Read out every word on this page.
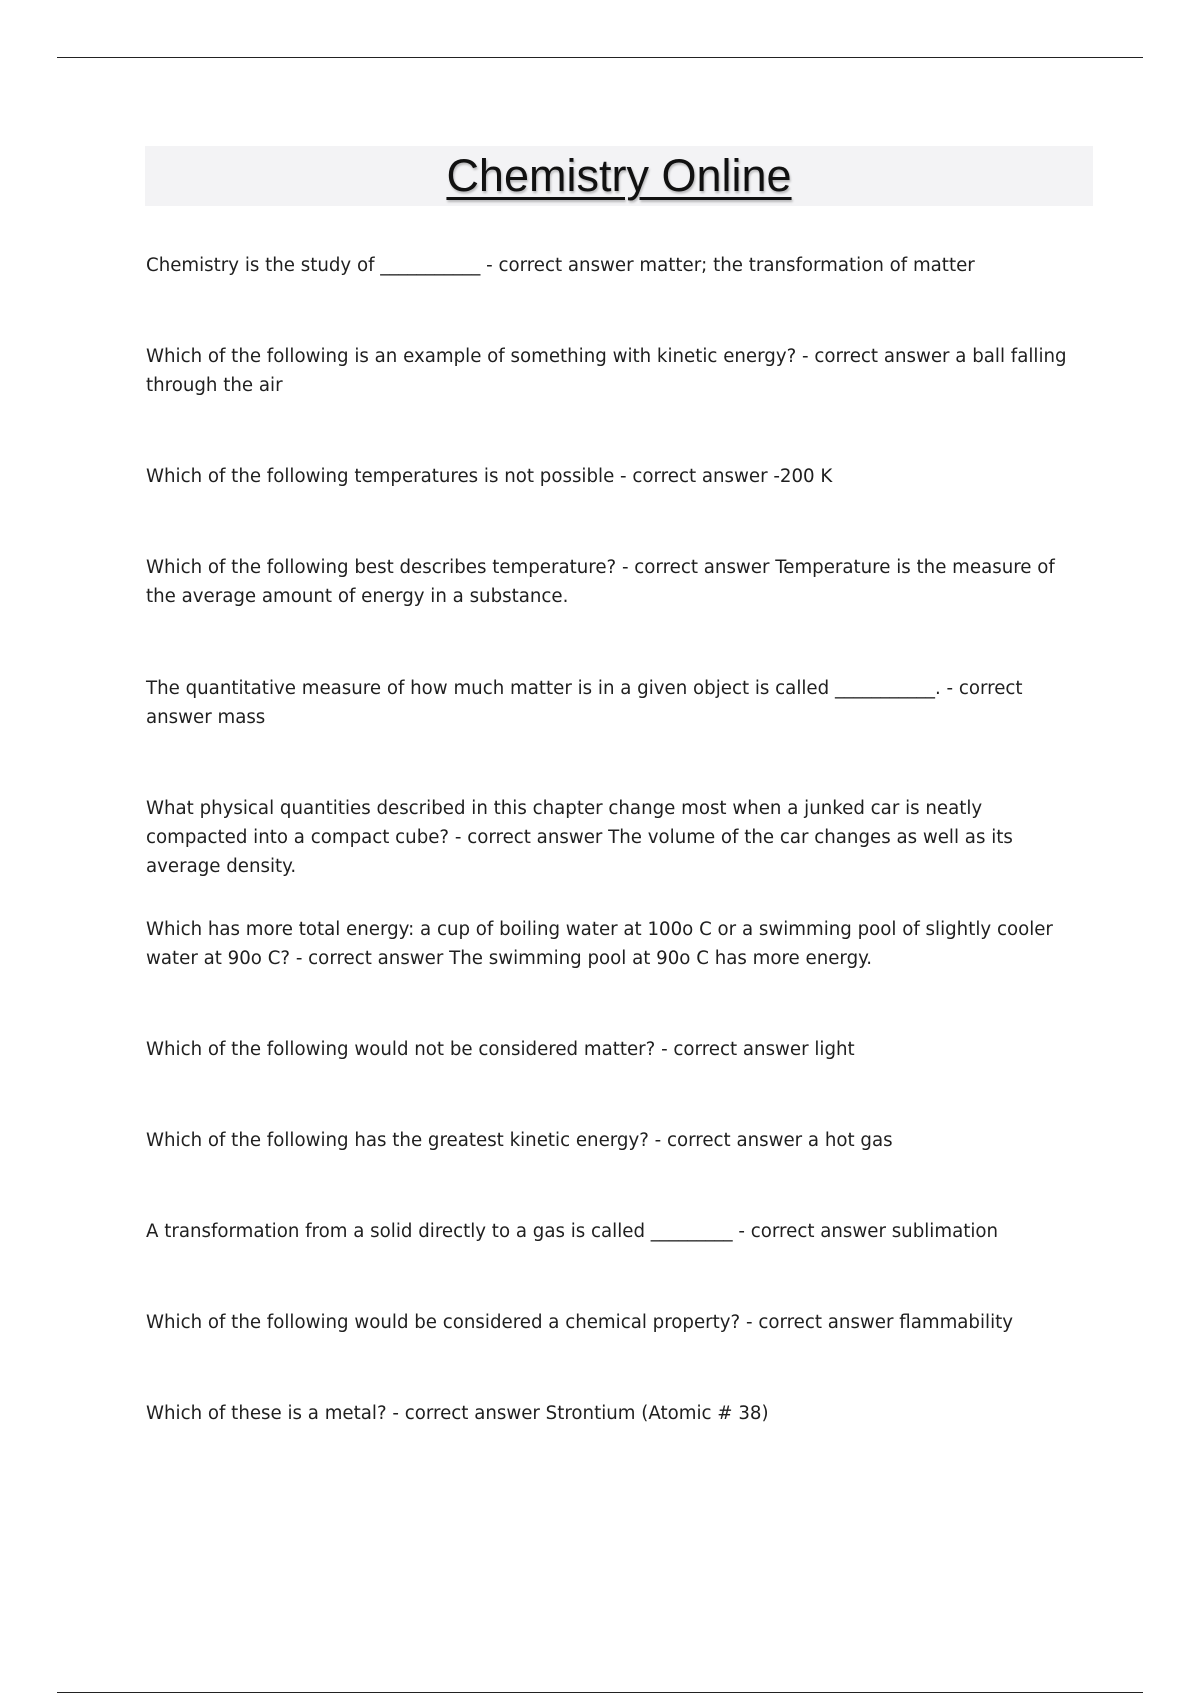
Chemistry Online

Chemistry is the study of ___________ - correct answer matter; the transformation of matter

Which of the following is an example of something with kinetic energy? - correct answer a ball falling through the air

Which of the following temperatures is not possible - correct answer -200 K

Which of the following best describes temperature? - correct answer Temperature is the measure of the average amount of energy in a substance.

The quantitative measure of how much matter is in a given object is called ___________. - correct answer mass

What physical quantities described in this chapter change most when a junked car is neatly compacted into a compact cube? - correct answer The volume of the car changes as well as its average density.

Which has more total energy: a cup of boiling water at 100o C or a swimming pool of slightly cooler water at 90o C? - correct answer The swimming pool at 90o C has more energy.

Which of the following would not be considered matter? - correct answer light

Which of the following has the greatest kinetic energy? - correct answer a hot gas

A transformation from a solid directly to a gas is called _________ - correct answer sublimation

Which of the following would be considered a chemical property? - correct answer flammability

Which of these is a metal? - correct answer Strontium (Atomic # 38)
